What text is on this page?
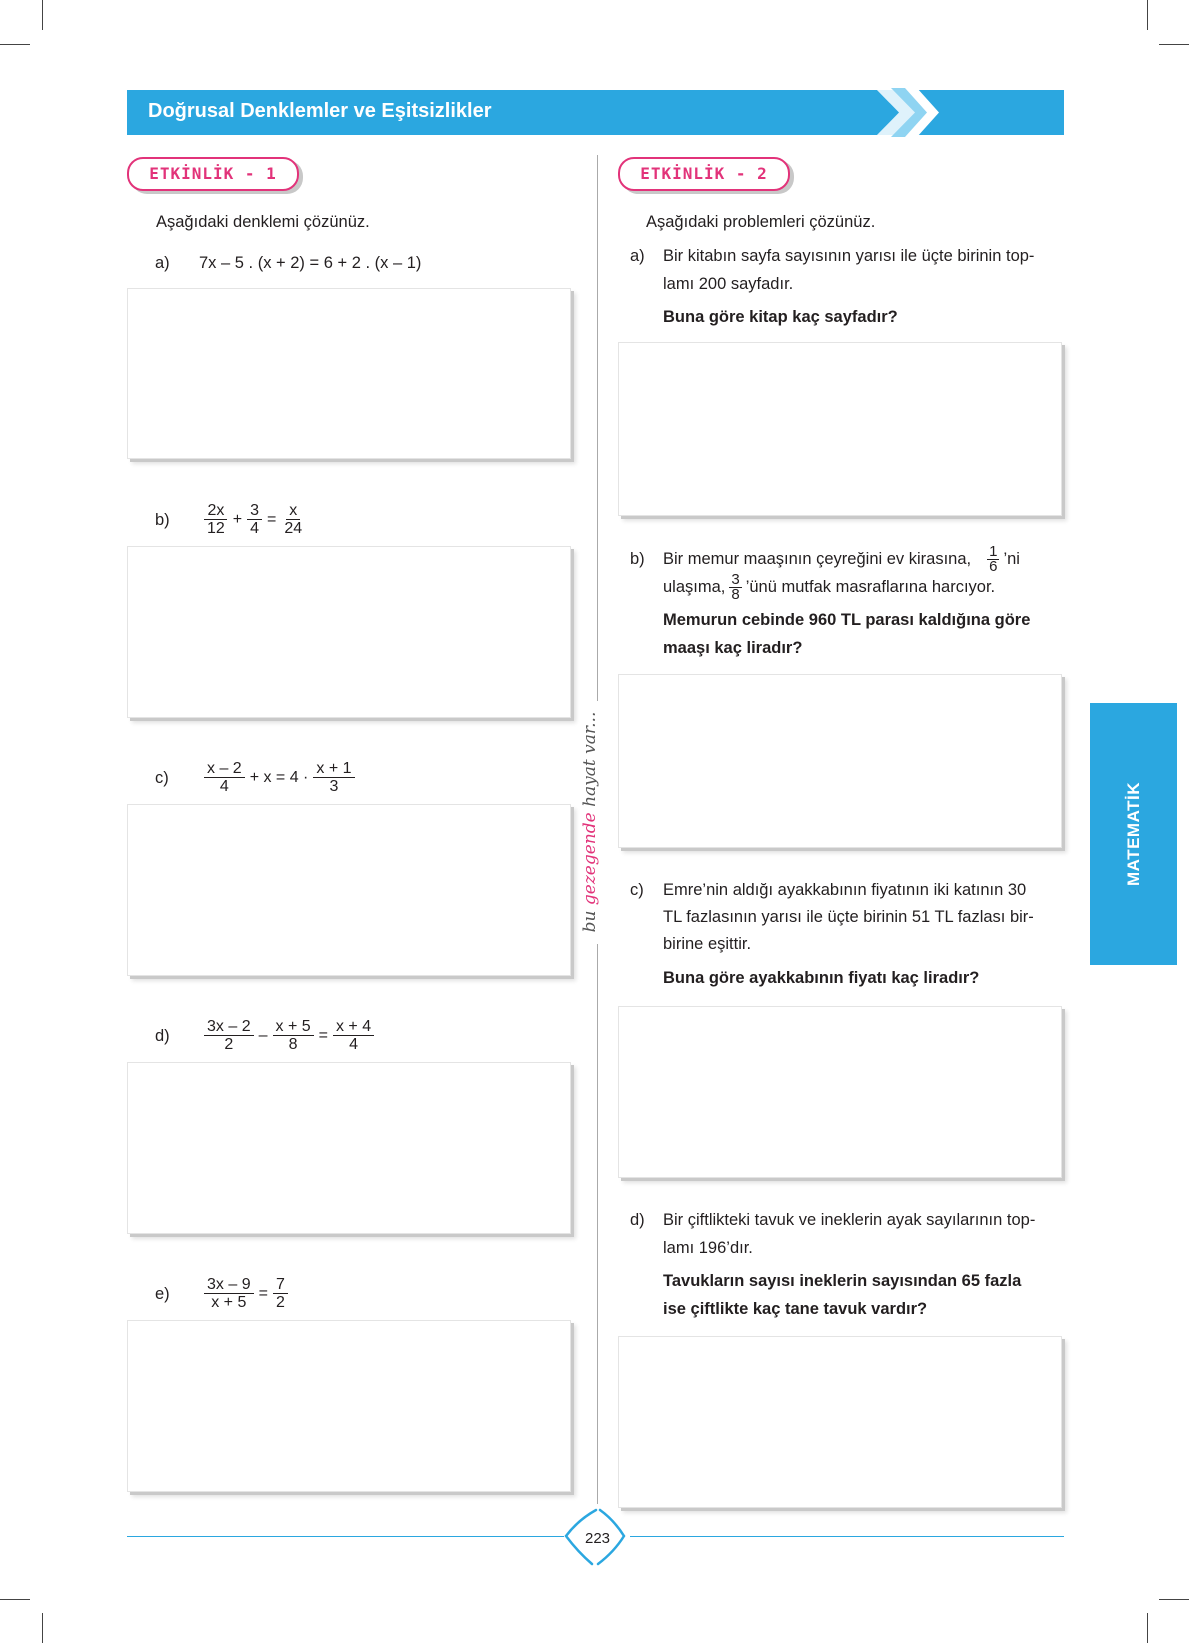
Doğrusal Denklemler ve Eşitsizlikler
bu gezegende hayat var...
ETKİNLİK - 1
Aşağıdaki denklemi çözünüz.
a) 7x – 5 . (x + 2) = 6 + 2 . (x – 1)
$b) \frac{2x}{12} + \frac{3}{4} = \frac{x}{24}$
$c) \frac{x - 2}{4} + x = 4 \cdot \frac{x + 1}{3}$
$d) \frac{3x - 2}{2} - \frac{x + 5}{8} = \frac{x + 4}{4}$
$e) \frac{3x - 9}{x + 5} = \frac{7}{2}$
ETKİNLİK - 2
Aşağıdaki problemleri çözünüz.
a) Bir kitabın sayfa sayısının yarısı ile üçte birinin top-
lamı 200 sayfadır.
Buna göre kitap kaç sayfadır?
b) Bir memur maaşının çeyreğini ev kirasına, $\frac{1}{6}$ ’ni
ulaşıma, $\frac{3}{8}$ ’ünü mutfak masraflarına harcıyor.
Memurun cebinde 960 TL parası kaldığına göre
maaşı kaç liradır?
c) Emre’nin aldığı ayakkabının fiyatının iki katının 30
TL fazlasının yarısı ile üçte birinin 51 TL fazlası bir-
birine eşittir.
Buna göre ayakkabının fiyatı kaç liradır?
d) Bir çiftlikteki tavuk ve ineklerin ayak sayılarının top-
lamı 196’dır.
Tavukların sayısı ineklerin sayısından 65 fazla
ise çiftlikte kaç tane tavuk vardır?
MATEMATİK
223
